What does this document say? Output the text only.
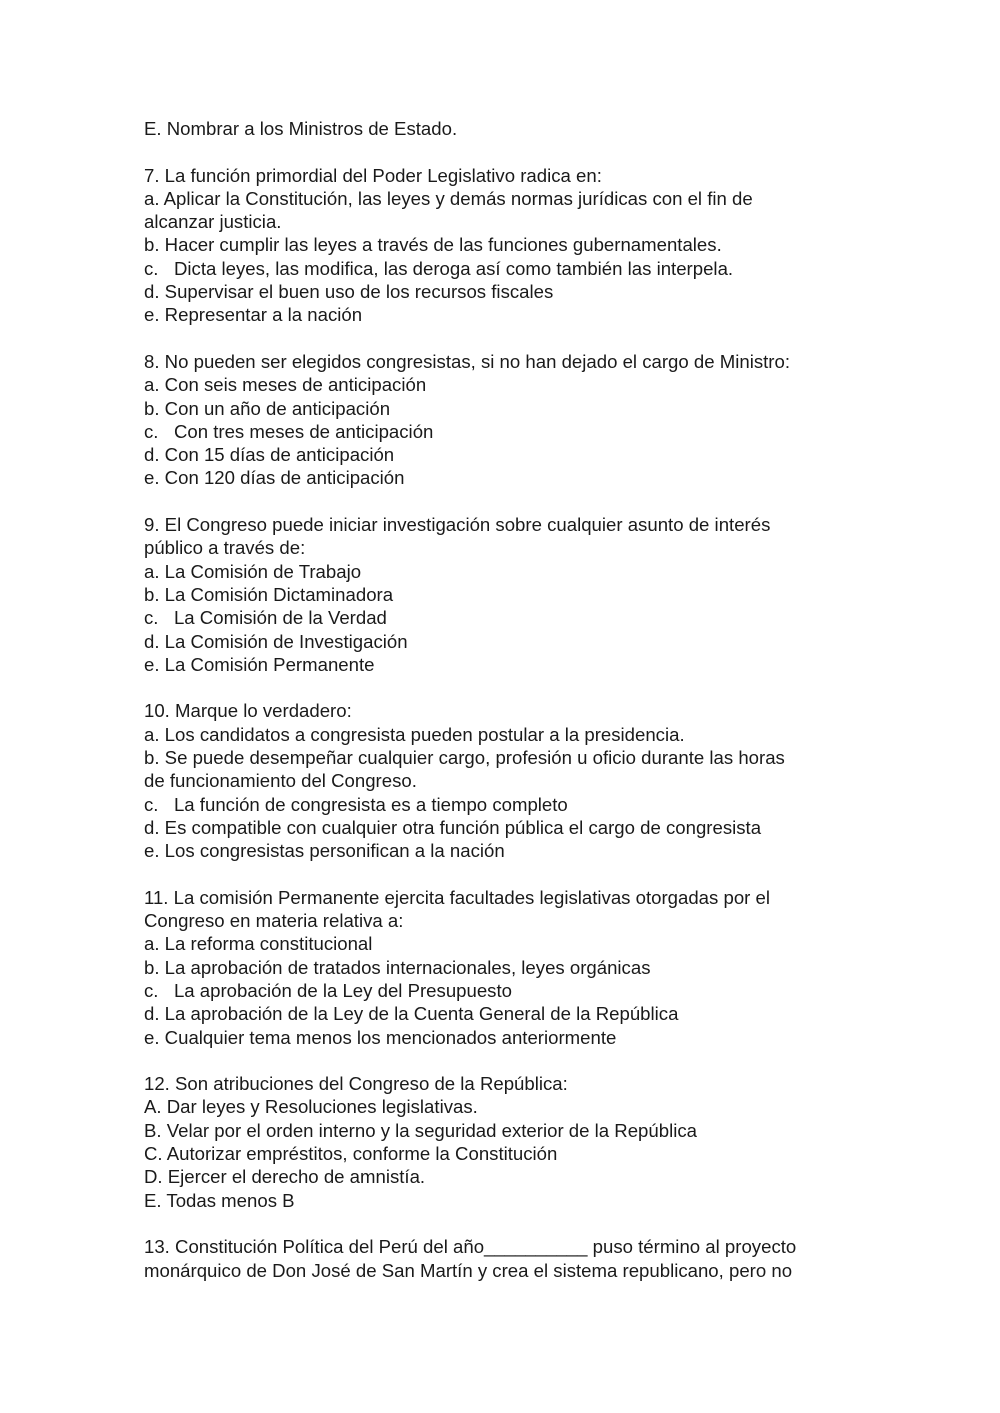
E. Nombrar a los Ministros de Estado.
7. La función primordial del Poder Legislativo radica en:
a. Aplicar la Constitución, las leyes y demás normas jurídicas con el fin de
alcanzar justicia.
b. Hacer cumplir las leyes a través de las funciones gubernamentales.
c.   Dicta leyes, las modifica, las deroga así como también las interpela.
d. Supervisar el buen uso de los recursos fiscales
e. Representar a la nación
8. No pueden ser elegidos congresistas, si no han dejado el cargo de Ministro:
a. Con seis meses de anticipación
b. Con un año de anticipación
c.   Con tres meses de anticipación
d. Con 15 días de anticipación
e. Con 120 días de anticipación
9. El Congreso puede iniciar investigación sobre cualquier asunto de interés
público a través de:
a. La Comisión de Trabajo
b. La Comisión Dictaminadora
c.   La Comisión de la Verdad
d. La Comisión de Investigación
e. La Comisión Permanente
10. Marque lo verdadero:
a. Los candidatos a congresista pueden postular a la presidencia.
b. Se puede desempeñar cualquier cargo, profesión u oficio durante las horas
de funcionamiento del Congreso.
c.   La función de congresista es a tiempo completo
d. Es compatible con cualquier otra función pública el cargo de congresista
e. Los congresistas personifican a la nación
11. La comisión Permanente ejercita facultades legislativas otorgadas por el
Congreso en materia relativa a:
a. La reforma constitucional
b. La aprobación de tratados internacionales, leyes orgánicas
c.   La aprobación de la Ley del Presupuesto
d. La aprobación de la Ley de la Cuenta General de la República
e. Cualquier tema menos los mencionados anteriormente
12. Son atribuciones del Congreso de la República:
A. Dar leyes y Resoluciones legislativas.
B. Velar por el orden interno y la seguridad exterior de la República
C. Autorizar empréstitos, conforme la Constitución
D. Ejercer el derecho de amnistía.
E. Todas menos B
13. Constitución Política del Perú del año__________ puso término al proyecto
monárquico de Don José de San Martín y crea el sistema republicano, pero no
